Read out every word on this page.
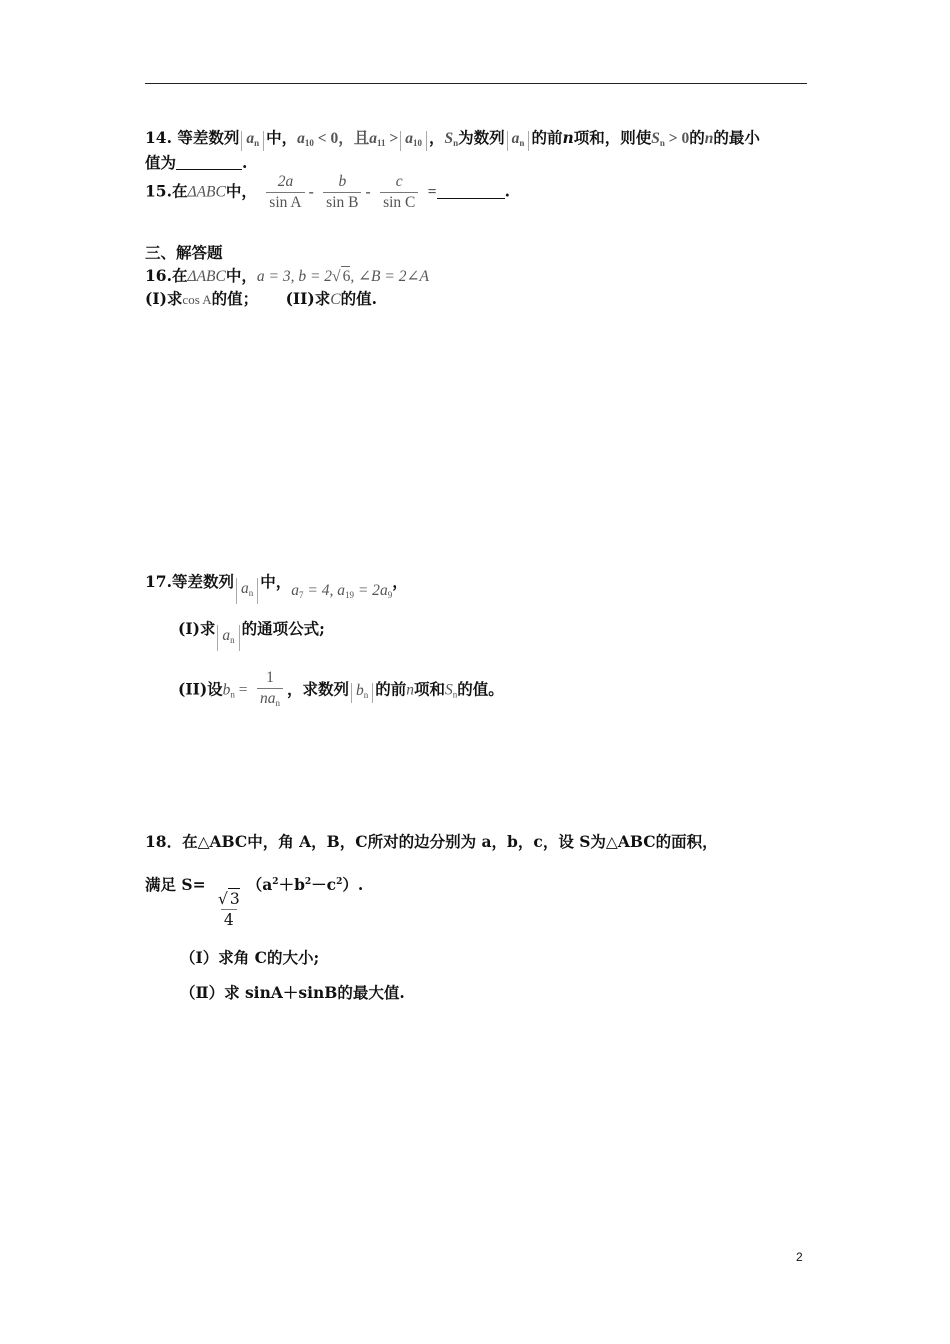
14. 等差数列 $a_n$ 中，$a_{10} < 0$，且$a_{11} > a_{10}$ ，$S_n$为数列 $a_n$ 的前n项和，则使$S_n > 0$的n的最小
值为	.
15.在ΔABC中， $\frac{2a}{\text{sin A}} - \frac{b}{\text{sin B}} - \frac{c}{\text{sin C}}$ =	.
三、解答题
16.在ΔABC中，a = 3, b = 2√ 6, ∠B = 2∠A
(I)求cos A的值； (II)求C的值.
17.等差数列 $a_n$中，$a_7 = 4$, $a_{19} = 2a_9$，
(I)求 $a_n$的通项公式;
(II)设$b_n = \frac{1}{na_n}$ ，求数列 $b_n$ 的前n项和$S_n$的值。
18．在△ABC中，角 A，B，C所对的边分别为 a，b，c，设 S为△ABC的面积，
满足 S=
$\frac{√ 3}{4}$
$(a^2+b^2-c^2)$.
（Ⅰ）求角 C的大小;
（Ⅱ）求 sinA＋sinB的最大值.
2
